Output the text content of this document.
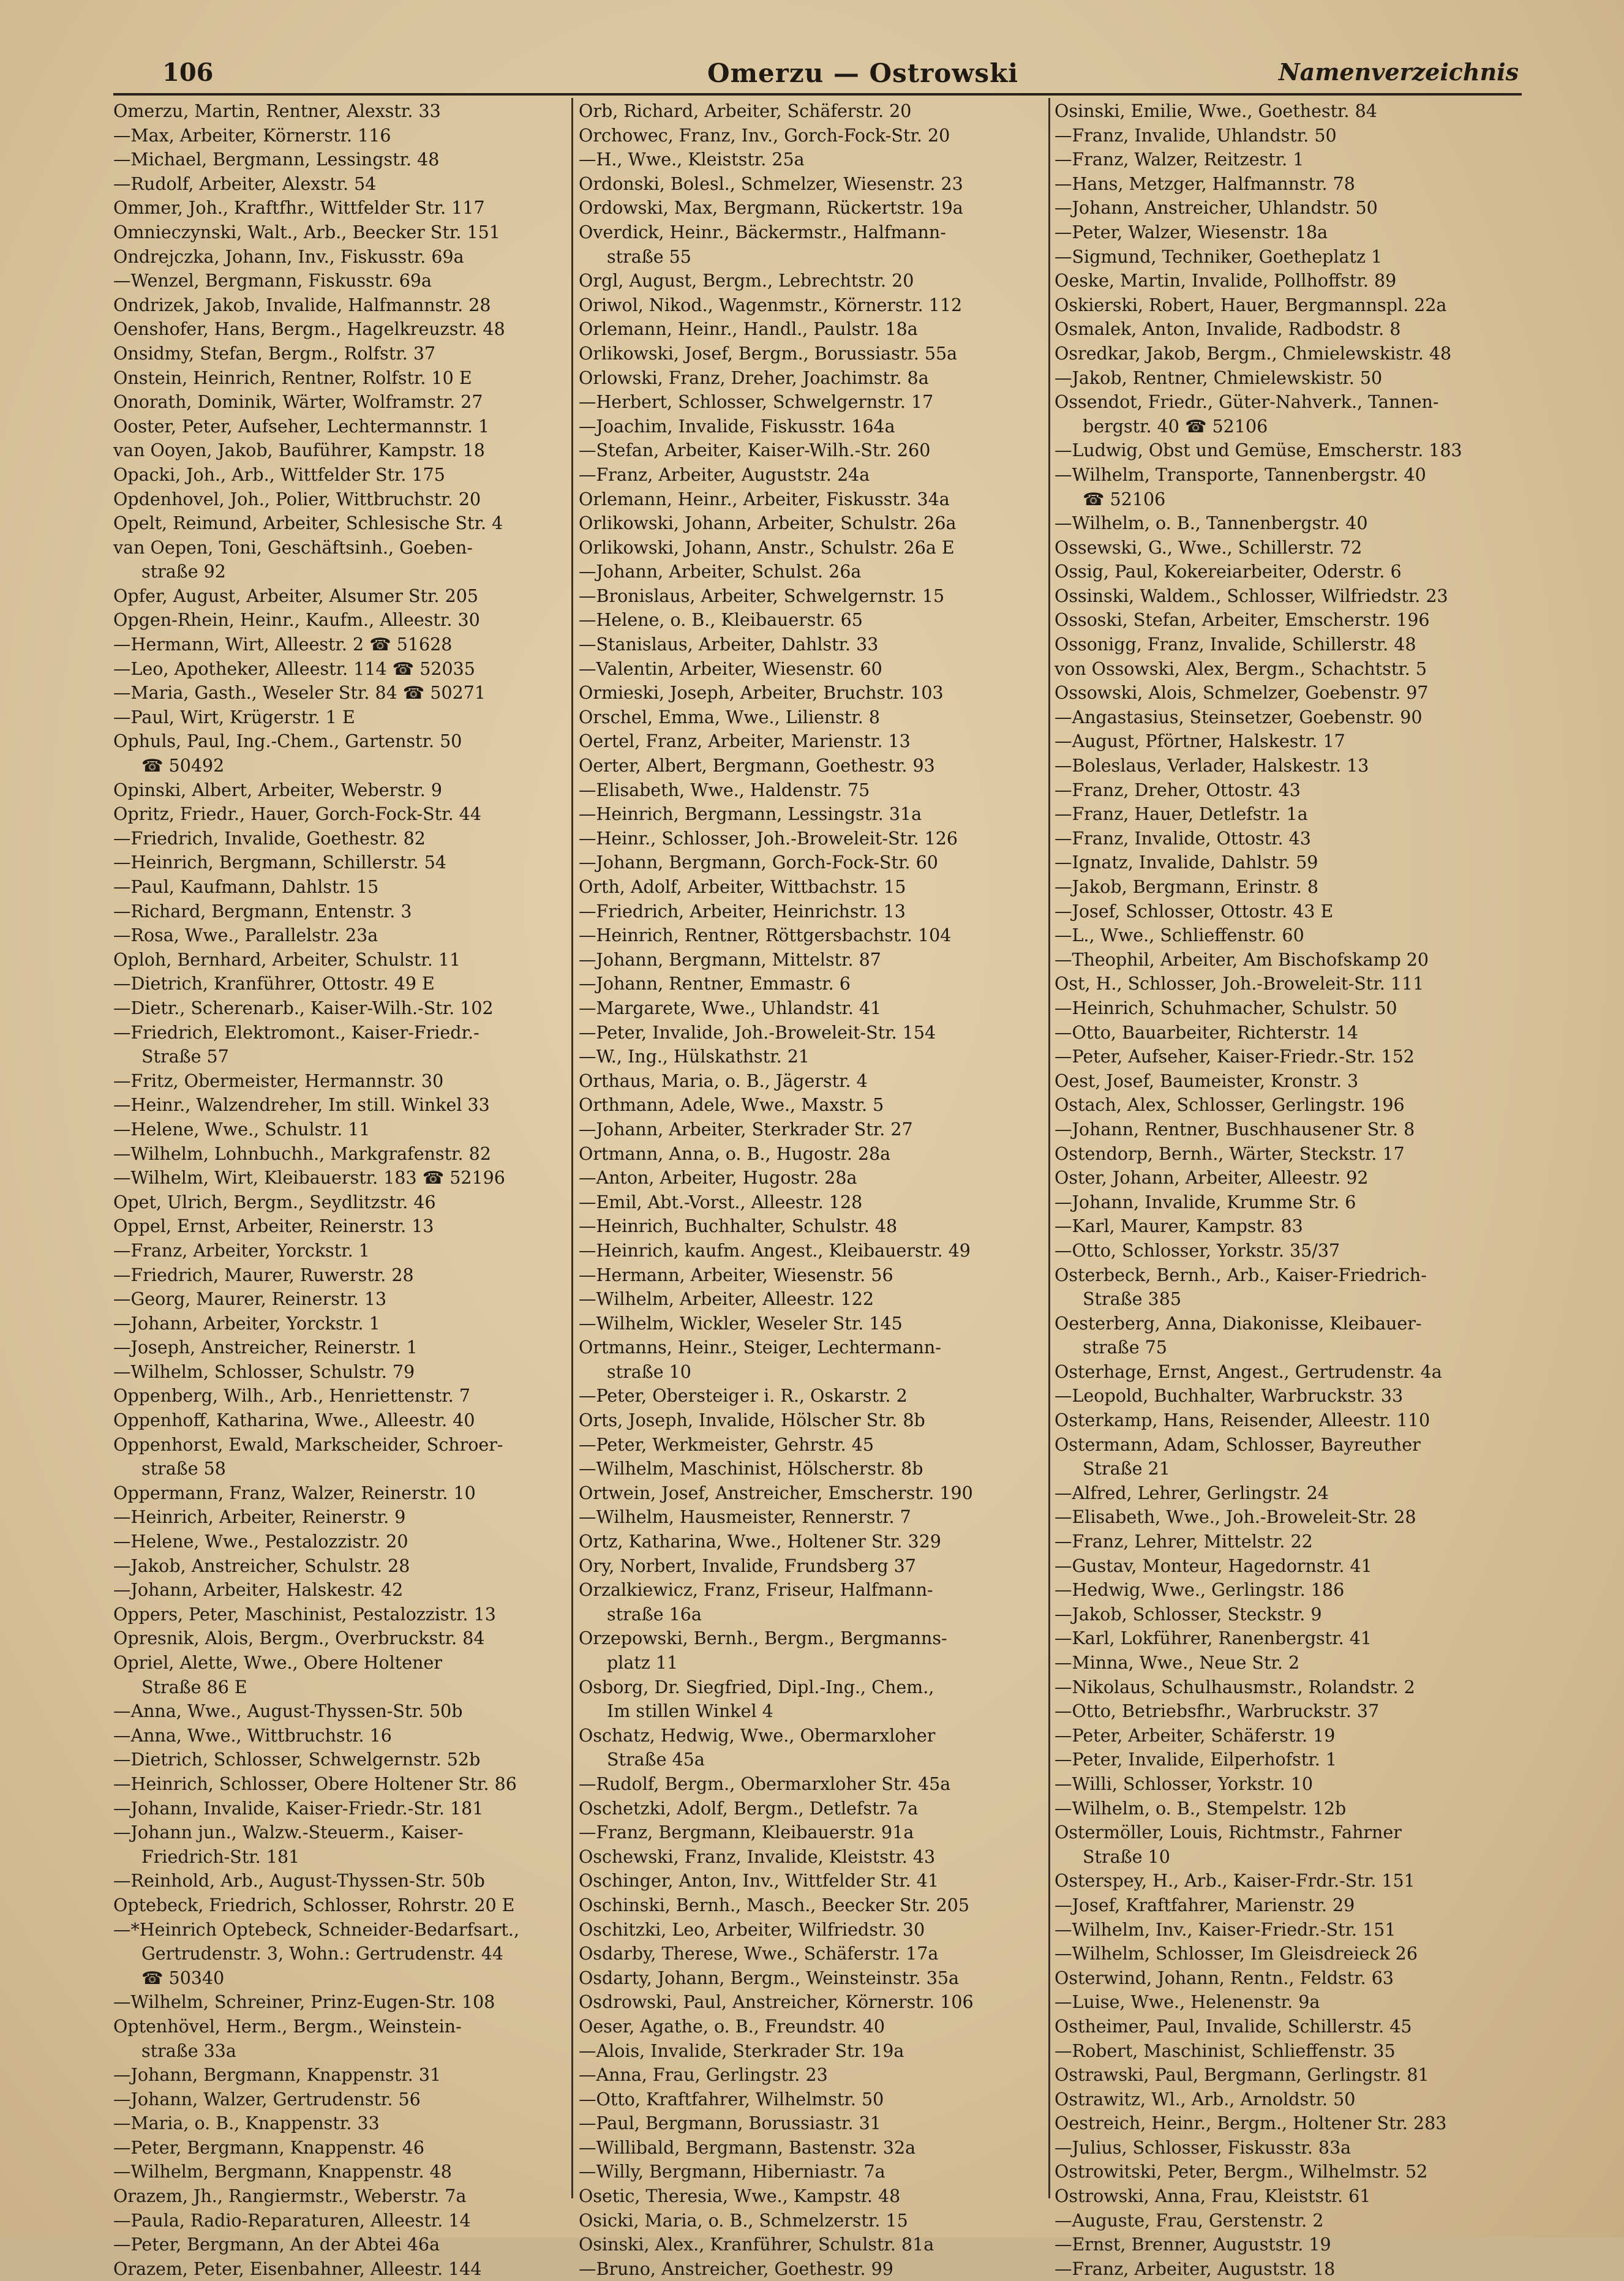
106	Omerzu — Ostrowski	Namenverzeichnis
Omerzu, Martin, Rentner, Alexstr. 33
—Max, Arbeiter, Körnerstr. 116
—Michael, Bergmann, Lessingstr. 48
—Rudolf, Arbeiter, Alexstr. 54
Ommer, Joh., Kraftfhr., Wittfelder Str. 117
Omnieczynski, Walt., Arb., Beecker Str. 151
Ondrejczka, Johann, Inv., Fiskusstr. 69a
—Wenzel, Bergmann, Fiskusstr. 69a
Ondrizek, Jakob, Invalide, Halfmannstr. 28
Oenshofer, Hans, Bergm., Hagelkreuzstr. 48
Onsidmy, Stefan, Bergm., Rolfstr. 37
Onstein, Heinrich, Rentner, Rolfstr. 10 E
Onorath, Dominik, Wärter, Wolframstr. 27
Ooster, Peter, Aufseher, Lechtermannstr. 1
van Ooyen, Jakob, Bauführer, Kampstr. 18
Opacki, Joh., Arb., Wittfelder Str. 175
Opdenhovel, Joh., Polier, Wittbruchstr. 20
Opelt, Reimund, Arbeiter, Schlesische Str. 4
van Oepen, Toni, Geschäftsinh., Goeben-
straße 92
Opfer, August, Arbeiter, Alsumer Str. 205
Opgen-Rhein, Heinr., Kaufm., Alleestr. 30
—Hermann, Wirt, Alleestr. 2 ☎ 51628
—Leo, Apotheker, Alleestr. 114 ☎ 52035
—Maria, Gasth., Weseler Str. 84 ☎ 50271
—Paul, Wirt, Krügerstr. 1 E
Ophuls, Paul, Ing.-Chem., Gartenstr. 50
☎ 50492
Opinski, Albert, Arbeiter, Weberstr. 9
Opritz, Friedr., Hauer, Gorch-Fock-Str. 44
—Friedrich, Invalide, Goethestr. 82
—Heinrich, Bergmann, Schillerstr. 54
—Paul, Kaufmann, Dahlstr. 15
—Richard, Bergmann, Entenstr. 3
—Rosa, Wwe., Parallelstr. 23a
Oploh, Bernhard, Arbeiter, Schulstr. 11
—Dietrich, Kranführer, Ottostr. 49 E
—Dietr., Scherenarb., Kaiser-Wilh.-Str. 102
—Friedrich, Elektromont., Kaiser-Friedr.-
Straße 57
—Fritz, Obermeister, Hermannstr. 30
—Heinr., Walzendreher, Im still. Winkel 33
—Helene, Wwe., Schulstr. 11
—Wilhelm, Lohnbuchh., Markgrafenstr. 82
—Wilhelm, Wirt, Kleibauerstr. 183 ☎ 52196
Opet, Ulrich, Bergm., Seydlitzstr. 46
Oppel, Ernst, Arbeiter, Reinerstr. 13
—Franz, Arbeiter, Yorckstr. 1
—Friedrich, Maurer, Ruwerstr. 28
—Georg, Maurer, Reinerstr. 13
—Johann, Arbeiter, Yorckstr. 1
—Joseph, Anstreicher, Reinerstr. 1
—Wilhelm, Schlosser, Schulstr. 79
Oppenberg, Wilh., Arb., Henriettenstr. 7
Oppenhoff, Katharina, Wwe., Alleestr. 40
Oppenhorst, Ewald, Markscheider, Schroer-
straße 58
Oppermann, Franz, Walzer, Reinerstr. 10
—Heinrich, Arbeiter, Reinerstr. 9
—Helene, Wwe., Pestalozzistr. 20
—Jakob, Anstreicher, Schulstr. 28
—Johann, Arbeiter, Halskestr. 42
Oppers, Peter, Maschinist, Pestalozzistr. 13
Opresnik, Alois, Bergm., Overbruckstr. 84
Opriel, Alette, Wwe., Obere Holtener
Straße 86 E
—Anna, Wwe., August-Thyssen-Str. 50b
—Anna, Wwe., Wittbruchstr. 16
—Dietrich, Schlosser, Schwelgernstr. 52b
—Heinrich, Schlosser, Obere Holtener Str. 86
—Johann, Invalide, Kaiser-Friedr.-Str. 181
—Johann jun., Walzw.-Steuerm., Kaiser-
Friedrich-Str. 181
—Reinhold, Arb., August-Thyssen-Str. 50b
Optebeck, Friedrich, Schlosser, Rohrstr. 20 E
—*Heinrich Optebeck, Schneider-Bedarfsart.,
Gertrudenstr. 3, Wohn.: Gertrudenstr. 44
☎ 50340
—Wilhelm, Schreiner, Prinz-Eugen-Str. 108
Optenhövel, Herm., Bergm., Weinstein-
straße 33a
—Johann, Bergmann, Knappenstr. 31
—Johann, Walzer, Gertrudenstr. 56
—Maria, o. B., Knappenstr. 33
—Peter, Bergmann, Knappenstr. 46
—Wilhelm, Bergmann, Knappenstr. 48
Orazem, Jh., Rangiermstr., Weberstr. 7a
—Paula, Radio-Reparaturen, Alleestr. 14
—Peter, Bergmann, An der Abtei 46a
Orazem, Peter, Eisenbahner, Alleestr. 144
Orb, Richard, Arbeiter, Schäferstr. 20
Orchowec, Franz, Inv., Gorch-Fock-Str. 20
—H., Wwe., Kleiststr. 25a
Ordonski, Bolesl., Schmelzer, Wiesenstr. 23
Ordowski, Max, Bergmann, Rückertstr. 19a
Overdick, Heinr., Bäckermstr., Halfmann-
straße 55
Orgl, August, Bergm., Lebrechtstr. 20
Oriwol, Nikod., Wagenmstr., Körnerstr. 112
Orlemann, Heinr., Handl., Paulstr. 18a
Orlikowski, Josef, Bergm., Borussiastr. 55a
Orlowski, Franz, Dreher, Joachimstr. 8a
—Herbert, Schlosser, Schwelgernstr. 17
—Joachim, Invalide, Fiskusstr. 164a
—Stefan, Arbeiter, Kaiser-Wilh.-Str. 260
—Franz, Arbeiter, Auguststr. 24a
Orlemann, Heinr., Arbeiter, Fiskusstr. 34a
Orlikowski, Johann, Arbeiter, Schulstr. 26a
Orlikowski, Johann, Anstr., Schulstr. 26a E
—Johann, Arbeiter, Schulst. 26a
—Bronislaus, Arbeiter, Schwelgernstr. 15
—Helene, o. B., Kleibauerstr. 65
—Stanislaus, Arbeiter, Dahlstr. 33
—Valentin, Arbeiter, Wiesenstr. 60
Ormieski, Joseph, Arbeiter, Bruchstr. 103
Orschel, Emma, Wwe., Lilienstr. 8
Oertel, Franz, Arbeiter, Marienstr. 13
Oerter, Albert, Bergmann, Goethestr. 93
—Elisabeth, Wwe., Haldenstr. 75
—Heinrich, Bergmann, Lessingstr. 31a
—Heinr., Schlosser, Joh.-Broweleit-Str. 126
—Johann, Bergmann, Gorch-Fock-Str. 60
Orth, Adolf, Arbeiter, Wittbachstr. 15
—Friedrich, Arbeiter, Heinrichstr. 13
—Heinrich, Rentner, Röttgersbachstr. 104
—Johann, Bergmann, Mittelstr. 87
—Johann, Rentner, Emmastr. 6
—Margarete, Wwe., Uhlandstr. 41
—Peter, Invalide, Joh.-Broweleit-Str. 154
—W., Ing., Hülskathstr. 21
Orthaus, Maria, o. B., Jägerstr. 4
Orthmann, Adele, Wwe., Maxstr. 5
—Johann, Arbeiter, Sterkrader Str. 27
Ortmann, Anna, o. B., Hugostr. 28a
—Anton, Arbeiter, Hugostr. 28a
—Emil, Abt.-Vorst., Alleestr. 128
—Heinrich, Buchhalter, Schulstr. 48
—Heinrich, kaufm. Angest., Kleibauerstr. 49
—Hermann, Arbeiter, Wiesenstr. 56
—Wilhelm, Arbeiter, Alleestr. 122
—Wilhelm, Wickler, Weseler Str. 145
Ortmanns, Heinr., Steiger, Lechtermann-
straße 10
—Peter, Obersteiger i. R., Oskarstr. 2
Orts, Joseph, Invalide, Hölscher Str. 8b
—Peter, Werkmeister, Gehrstr. 45
—Wilhelm, Maschinist, Hölscherstr. 8b
Ortwein, Josef, Anstreicher, Emscherstr. 190
—Wilhelm, Hausmeister, Rennerstr. 7
Ortz, Katharina, Wwe., Holtener Str. 329
Ory, Norbert, Invalide, Frundsberg 37
Orzalkiewicz, Franz, Friseur, Halfmann-
straße 16a
Orzepowski, Bernh., Bergm., Bergmanns-
platz 11
Osborg, Dr. Siegfried, Dipl.-Ing., Chem.,
Im stillen Winkel 4
Oschatz, Hedwig, Wwe., Obermarxloher
Straße 45a
—Rudolf, Bergm., Obermarxloher Str. 45a
Oschetzki, Adolf, Bergm., Detlefstr. 7a
—Franz, Bergmann, Kleibauerstr. 91a
Oschewski, Franz, Invalide, Kleiststr. 43
Oschinger, Anton, Inv., Wittfelder Str. 41
Oschinski, Bernh., Masch., Beecker Str. 205
Oschitzki, Leo, Arbeiter, Wilfriedstr. 30
Osdarby, Therese, Wwe., Schäferstr. 17a
Osdarty, Johann, Bergm., Weinsteinstr. 35a
Osdrowski, Paul, Anstreicher, Körnerstr. 106
Oeser, Agathe, o. B., Freundstr. 40
—Alois, Invalide, Sterkrader Str. 19a
—Anna, Frau, Gerlingstr. 23
—Otto, Kraftfahrer, Wilhelmstr. 50
—Paul, Bergmann, Borussiastr. 31
—Willibald, Bergmann, Bastenstr. 32a
—Willy, Bergmann, Hiberniastr. 7a
Osetic, Theresia, Wwe., Kampstr. 48
Osicki, Maria, o. B., Schmelzerstr. 15
Osinski, Alex., Kranführer, Schulstr. 81a
—Bruno, Anstreicher, Goethestr. 99
Osinski, Emilie, Wwe., Goethestr. 84
—Franz, Invalide, Uhlandstr. 50
—Franz, Walzer, Reitzestr. 1
—Hans, Metzger, Halfmannstr. 78
—Johann, Anstreicher, Uhlandstr. 50
—Peter, Walzer, Wiesenstr. 18a
—Sigmund, Techniker, Goetheplatz 1
Oeske, Martin, Invalide, Pollhoffstr. 89
Oskierski, Robert, Hauer, Bergmannspl. 22a
Osmalek, Anton, Invalide, Radbodstr. 8
Osredkar, Jakob, Bergm., Chmielewskistr. 48
—Jakob, Rentner, Chmielewskistr. 50
Ossendot, Friedr., Güter-Nahverk., Tannen-
bergstr. 40 ☎ 52106
—Ludwig, Obst und Gemüse, Emscherstr. 183
—Wilhelm, Transporte, Tannenbergstr. 40
☎ 52106
—Wilhelm, o. B., Tannenbergstr. 40
Ossewski, G., Wwe., Schillerstr. 72
Ossig, Paul, Kokereiarbeiter, Oderstr. 6
Ossinski, Waldem., Schlosser, Wilfriedstr. 23
Ossoski, Stefan, Arbeiter, Emscherstr. 196
Ossonigg, Franz, Invalide, Schillerstr. 48
von Ossowski, Alex, Bergm., Schachtstr. 5
Ossowski, Alois, Schmelzer, Goebenstr. 97
—Angastasius, Steinsetzer, Goebenstr. 90
—August, Pförtner, Halskestr. 17
—Boleslaus, Verlader, Halskestr. 13
—Franz, Dreher, Ottostr. 43
—Franz, Hauer, Detlefstr. 1a
—Franz, Invalide, Ottostr. 43
—Ignatz, Invalide, Dahlstr. 59
—Jakob, Bergmann, Erinstr. 8
—Josef, Schlosser, Ottostr. 43 E
—L., Wwe., Schlieffenstr. 60
—Theophil, Arbeiter, Am Bischofskamp 20
Ost, H., Schlosser, Joh.-Broweleit-Str. 111
—Heinrich, Schuhmacher, Schulstr. 50
—Otto, Bauarbeiter, Richterstr. 14
—Peter, Aufseher, Kaiser-Friedr.-Str. 152
Oest, Josef, Baumeister, Kronstr. 3
Ostach, Alex, Schlosser, Gerlingstr. 196
—Johann, Rentner, Buschhausener Str. 8
Ostendorp, Bernh., Wärter, Steckstr. 17
Oster, Johann, Arbeiter, Alleestr. 92
—Johann, Invalide, Krumme Str. 6
—Karl, Maurer, Kampstr. 83
—Otto, Schlosser, Yorkstr. 35/37
Osterbeck, Bernh., Arb., Kaiser-Friedrich-
Straße 385
Oesterberg, Anna, Diakonisse, Kleibauer-
straße 75
Osterhage, Ernst, Angest., Gertrudenstr. 4a
—Leopold, Buchhalter, Warbruckstr. 33
Osterkamp, Hans, Reisender, Alleestr. 110
Ostermann, Adam, Schlosser, Bayreuther
Straße 21
—Alfred, Lehrer, Gerlingstr. 24
—Elisabeth, Wwe., Joh.-Broweleit-Str. 28
—Franz, Lehrer, Mittelstr. 22
—Gustav, Monteur, Hagedornstr. 41
—Hedwig, Wwe., Gerlingstr. 186
—Jakob, Schlosser, Steckstr. 9
—Karl, Lokführer, Ranenbergstr. 41
—Minna, Wwe., Neue Str. 2
—Nikolaus, Schulhausmstr., Rolandstr. 2
—Otto, Betriebsfhr., Warbruckstr. 37
—Peter, Arbeiter, Schäferstr. 19
—Peter, Invalide, Eilperhofstr. 1
—Willi, Schlosser, Yorkstr. 10
—Wilhelm, o. B., Stempelstr. 12b
Ostermöller, Louis, Richtmstr., Fahrner
Straße 10
Osterspey, H., Arb., Kaiser-Frdr.-Str. 151
—Josef, Kraftfahrer, Marienstr. 29
—Wilhelm, Inv., Kaiser-Friedr.-Str. 151
—Wilhelm, Schlosser, Im Gleisdreieck 26
Osterwind, Johann, Rentn., Feldstr. 63
—Luise, Wwe., Helenenstr. 9a
Ostheimer, Paul, Invalide, Schillerstr. 45
—Robert, Maschinist, Schlieffenstr. 35
Ostrawski, Paul, Bergmann, Gerlingstr. 81
Ostrawitz, Wl., Arb., Arnoldstr. 50
Oestreich, Heinr., Bergm., Holtener Str. 283
—Julius, Schlosser, Fiskusstr. 83a
Ostrowitski, Peter, Bergm., Wilhelmstr. 52
Ostrowski, Anna, Frau, Kleiststr. 61
—Auguste, Frau, Gerstenstr. 2
—Ernst, Brenner, Auguststr. 19
—Franz, Arbeiter, Auguststr. 18
